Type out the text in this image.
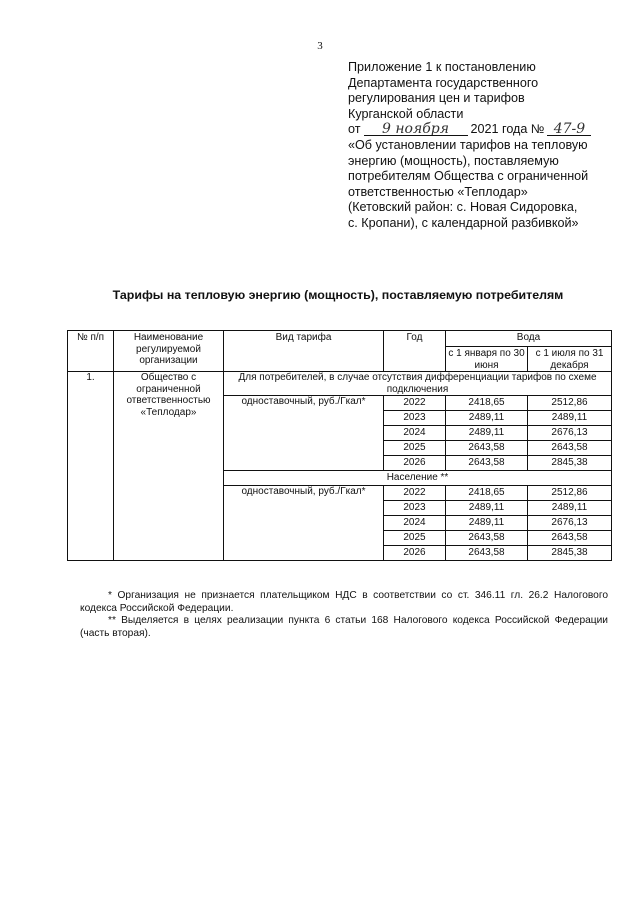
3
Приложение 1 к постановлению
Департамента государственного
регулирования цен и тарифов
Курганской области
от 9 ноября 2021 года № 47-9
«Об установлении тарифов на тепловую
энергию (мощность), поставляемую
потребителям Общества с ограниченной
ответственностью «Теплодар»
(Кетовский район: с. Новая Сидоровка,
с. Кропани), с календарной разбивкой»
Тарифы на тепловую энергию (мощность), поставляемую потребителям
№ п/п	Наименование регулируемой организации	Вид тарифа	Год	Вода	
				с 1 января по 30 июня	с 1 июля по 31 декабря
1.	Общество с ограниченной ответственностью «Теплодар»	Для потребителей, в случае отсутствия дифференциации тарифов по схеме подключения			
		одноставочный, руб./Гкал*	2022	2418,65	2512,86
			2023	2489,11	2489,11
			2024	2489,11	2676,13
			2025	2643,58	2643,58
			2026	2643,58	2845,38
		Население **			
		одноставочный, руб./Гкал*	2022	2418,65	2512,86
			2023	2489,11	2489,11
			2024	2489,11	2676,13
			2025	2643,58	2643,58
			2026	2643,58	2845,38

* Организация не признается плательщиком НДС в соответствии со ст. 346.11 гл. 26.2 Налогового кодекса Российской Федерации.

** Выделяется в целях реализации пункта 6 статьи 168 Налогового кодекса Российской Федерации (часть вторая).
